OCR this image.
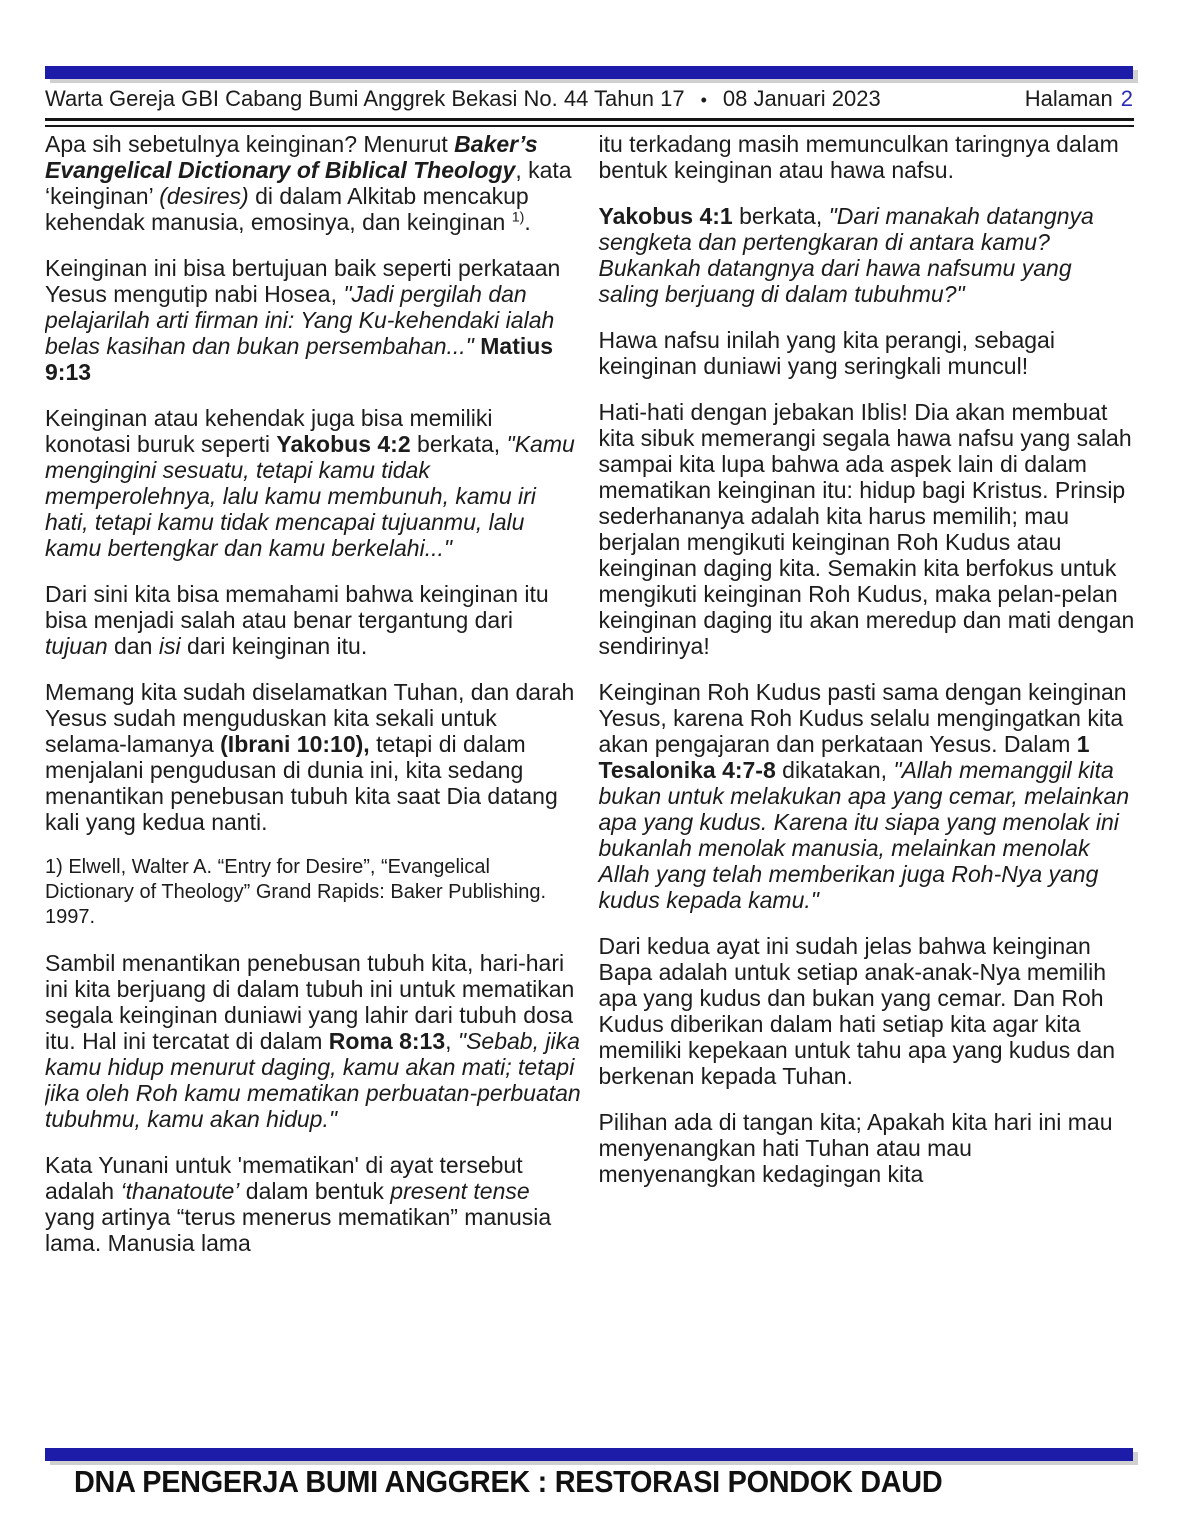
Warta Gereja GBI Cabang Bumi Anggrek Bekasi No. 44 Tahun 17 • 08 Januari 2023	Halaman 2
Apa sih sebetulnya keinginan? Menurut Baker’s Evangelical Dictionary of Biblical Theology, kata ‘keinginan’ (desires) di dalam Alkitab mencakup kehendak manusia, emosinya, dan keinginan $^{1)}$.
Keinginan ini bisa bertujuan baik seperti perkataan Yesus mengutip nabi Hosea, "Jadi pergilah dan pelajarilah arti firman ini: Yang Ku-kehendaki ialah belas kasihan dan bukan persembahan..." Matius 9:13
Keinginan atau kehendak juga bisa memiliki konotasi buruk seperti Yakobus 4:2 berkata, "Kamu mengingini sesuatu, tetapi kamu tidak memperolehnya, lalu kamu membunuh, kamu iri hati, tetapi kamu tidak mencapai tujuanmu, lalu kamu bertengkar dan kamu berkelahi..."
Dari sini kita bisa memahami bahwa keinginan itu bisa menjadi salah atau benar tergantung dari tujuan dan isi dari keinginan itu.
Memang kita sudah diselamatkan Tuhan, dan darah Yesus sudah menguduskan kita sekali untuk selama-lamanya (Ibrani 10:10), tetapi di dalam menjalani pengudusan di dunia ini, kita sedang menantikan penebusan tubuh kita saat Dia datang kali yang kedua nanti.
1) Elwell, Walter A. “Entry for Desire”, “Evangelical Dictionary of Theology” Grand Rapids: Baker Publishing. 1997.
Sambil menantikan penebusan tubuh kita, hari-hari ini kita berjuang di dalam tubuh ini untuk mematikan segala keinginan duniawi yang lahir dari tubuh dosa itu. Hal ini tercatat di dalam Roma 8:13, "Sebab, jika kamu hidup menurut daging, kamu akan mati; tetapi jika oleh Roh kamu mematikan perbuatan-perbuatan tubuhmu, kamu akan hidup."
Kata Yunani untuk 'mematikan' di ayat tersebut adalah ‘thanatoute’ dalam bentuk present tense yang artinya “terus menerus mematikan” manusia lama. Manusia lama
itu terkadang masih memunculkan taringnya dalam bentuk keinginan atau hawa nafsu.
Yakobus 4:1 berkata, "Dari manakah datangnya sengketa dan pertengkaran di antara kamu? Bukankah datangnya dari hawa nafsumu yang saling berjuang di dalam tubuhmu?"
Hawa nafsu inilah yang kita perangi, sebagai keinginan duniawi yang seringkali muncul!
Hati-hati dengan jebakan Iblis! Dia akan membuat kita sibuk memerangi segala hawa nafsu yang salah sampai kita lupa bahwa ada aspek lain di dalam mematikan keinginan itu: hidup bagi Kristus. Prinsip sederhananya adalah kita harus memilih; mau berjalan mengikuti keinginan Roh Kudus atau keinginan daging kita. Semakin kita berfokus untuk mengikuti keinginan Roh Kudus, maka pelan-pelan keinginan daging itu akan meredup dan mati dengan sendirinya!
Keinginan Roh Kudus pasti sama dengan keinginan Yesus, karena Roh Kudus selalu mengingatkan kita akan pengajaran dan perkataan Yesus. Dalam 1 Tesalonika 4:7-8 dikatakan, "Allah memanggil kita bukan untuk melakukan apa yang cemar, melainkan apa yang kudus. Karena itu siapa yang menolak ini bukanlah menolak manusia, melainkan menolak Allah yang telah memberikan juga Roh-Nya yang kudus kepada kamu."
Dari kedua ayat ini sudah jelas bahwa keinginan Bapa adalah untuk setiap anak-anak-Nya memilih apa yang kudus dan bukan yang cemar. Dan Roh Kudus diberikan dalam hati setiap kita agar kita memiliki kepekaan untuk tahu apa yang kudus dan berkenan kepada Tuhan.
Pilihan ada di tangan kita; Apakah kita hari ini mau menyenangkan hati Tuhan atau mau menyenangkan kedagingan kita
DNA PENGERJA BUMI ANGGREK : RESTORASI PONDOK DAUD
